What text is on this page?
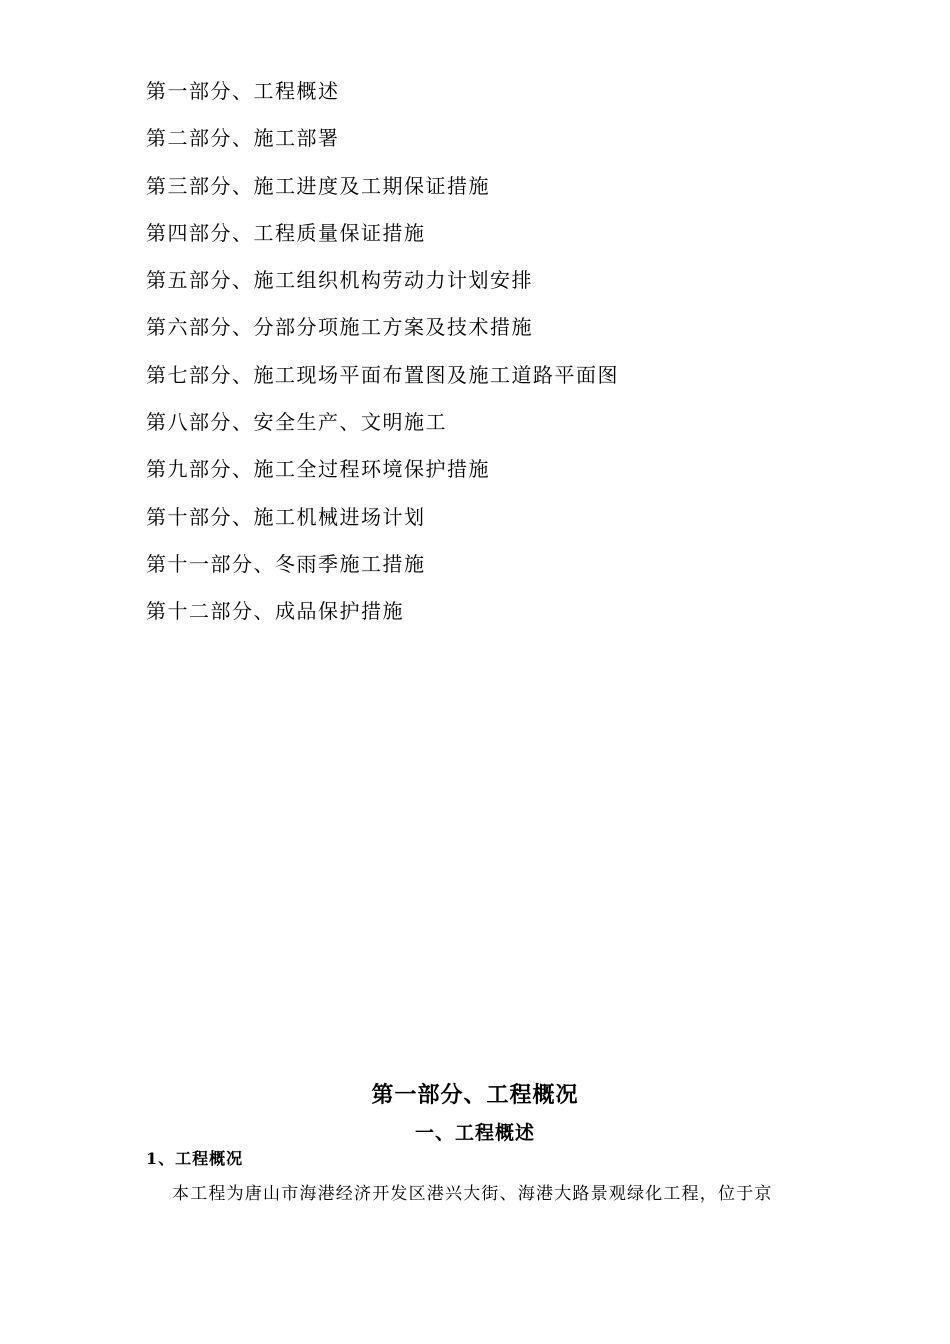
第一部分、工程概述
第二部分、施工部署
第三部分、施工进度及工期保证措施
第四部分、工程质量保证措施
第五部分、施工组织机构劳动力计划安排
第六部分、分部分项施工方案及技术措施
第七部分、施工现场平面布置图及施工道路平面图
第八部分、安全生产、文明施工
第九部分、施工全过程环境保护措施
第十部分、施工机械进场计划
第十一部分、冬雨季施工措施
第十二部分、成品保护措施
第一部分、工程概况
一、工程概述
1、工程概况

本工程为唐山市海港经济开发区港兴大街、海港大路景观绿化工程，位于京
